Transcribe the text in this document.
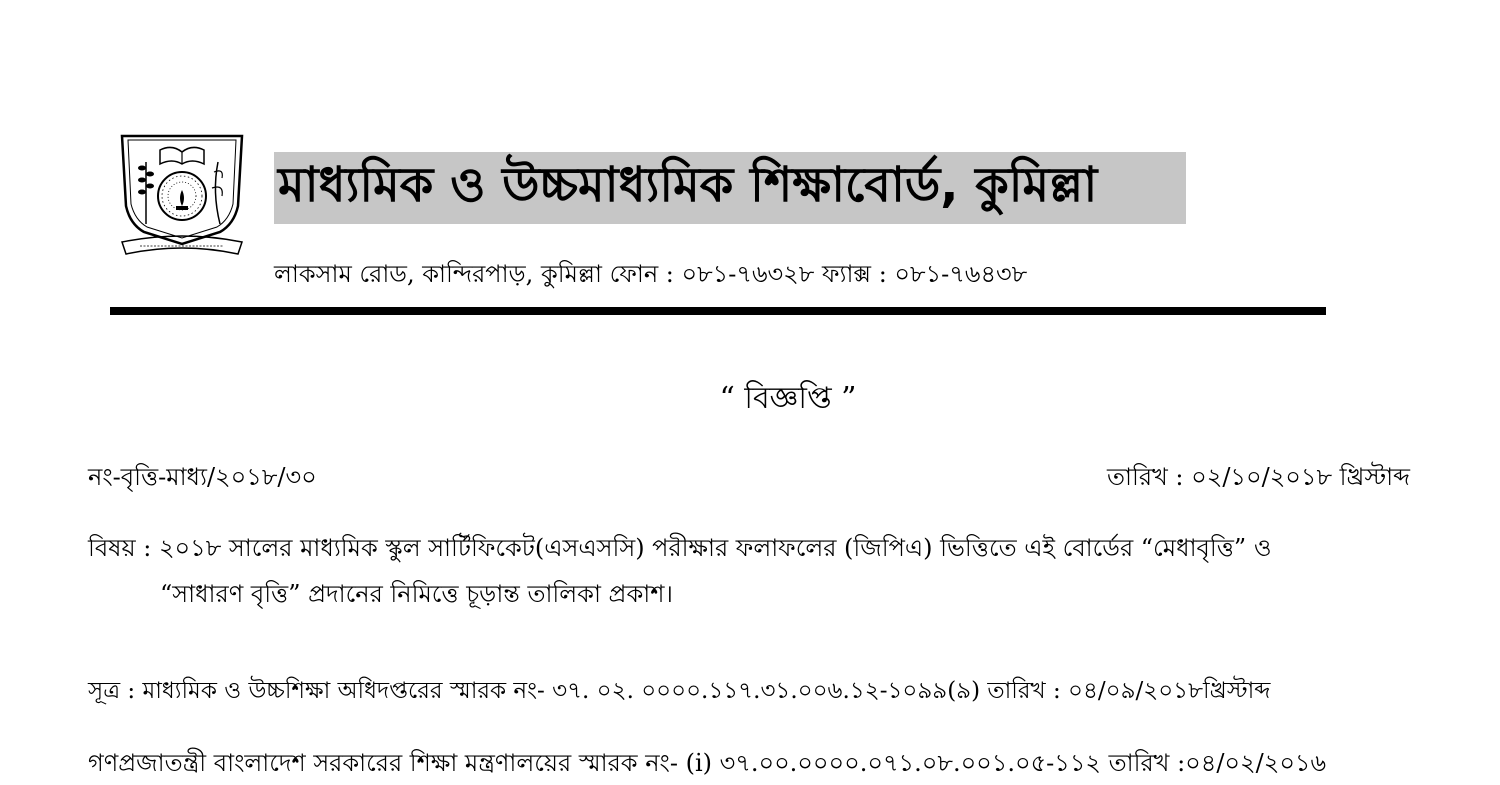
মাধ্যমিক ও উচ্চমাধ্যমিক শিক্ষাবোর্ড, কুমিল্লা
লাকসাম রোড, কান্দিরপাড়, কুমিল্লা ফোন : ০৮১-৭৬৩২৮ ফ্যাক্স : ০৮১-৭৬৪৩৮
“ বিজ্ঞপ্তি ”
নং-বৃত্তি-মাধ্য/২০১৮/৩০	তারিখ : ০২/১০/২০১৮ খ্রিস্টাব্দ
বিষয় : ২০১৮ সালের মাধ্যমিক স্কুল সার্টিফিকেট(এসএসসি) পরীক্ষার ফলাফলের (জিপিএ) ভিত্তিতে এই বোর্ডের “মেধাবৃত্তি” ও
“সাধারণ বৃত্তি” প্রদানের নিমিত্তে চূড়ান্ত তালিকা প্রকাশ।
সূত্র : মাধ্যমিক ও উচ্চশিক্ষা অধিদপ্তরের স্মারক নং- ৩৭. ০২. ০০০০.১১৭.৩১.০০৬.১২-১০৯৯(৯) তারিখ : ০৪/০৯/২০১৮খ্রিস্টাব্দ
গণপ্রজাতন্ত্রী বাংলাদেশ সরকারের শিক্ষা মন্ত্রণালয়ের স্মারক নং- (i) ৩৭.০০.০০০০.০৭১.০৮.০০১.০৫-১১২ তারিখ :০৪/০২/২০১৬
